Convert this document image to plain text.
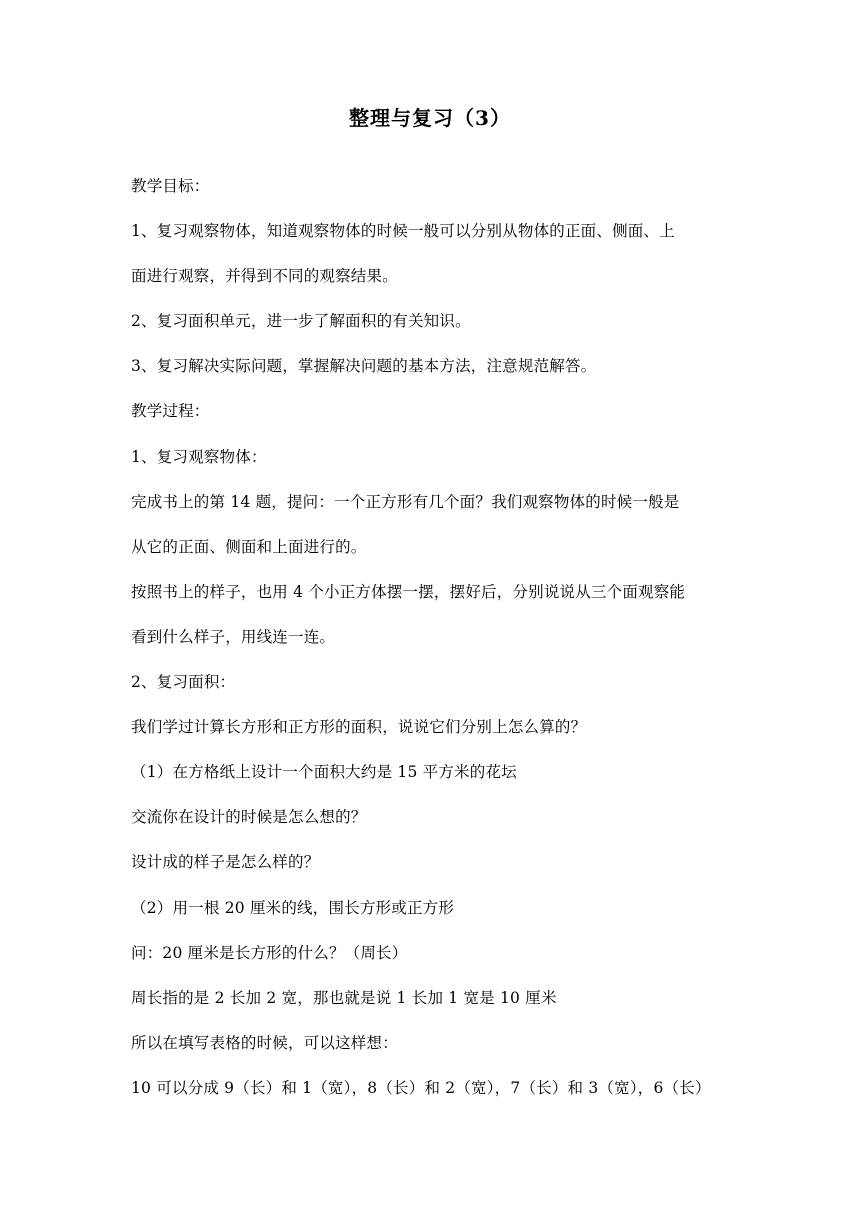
整理与复习（3）
教学目标：
1、复习观察物体，知道观察物体的时候一般可以分别从物体的正面、侧面、上
面进行观察，并得到不同的观察结果。
2、复习面积单元，进一步了解面积的有关知识。
3、复习解决实际问题，掌握解决问题的基本方法，注意规范解答。
教学过程：
1、复习观察物体：
完成书上的第 14 题，提问：一个正方形有几个面？我们观察物体的时候一般是
从它的正面、侧面和上面进行的。
按照书上的样子，也用 4 个小正方体摆一摆，摆好后，分别说说从三个面观察能
看到什么样子，用线连一连。
2、复习面积：
我们学过计算长方形和正方形的面积，说说它们分别上怎么算的？
（1）在方格纸上设计一个面积大约是 15 平方米的花坛
交流你在设计的时候是怎么想的？
设计成的样子是怎么样的？
（2）用一根 20 厘米的线，围长方形或正方形
问：20 厘米是长方形的什么？（周长）
周长指的是 2 长加 2 宽，那也就是说 1 长加 1 宽是 10 厘米
所以在填写表格的时候，可以这样想：
10 可以分成 9（长）和 1（宽），8（长）和 2（宽），7（长）和 3（宽），6（长）
